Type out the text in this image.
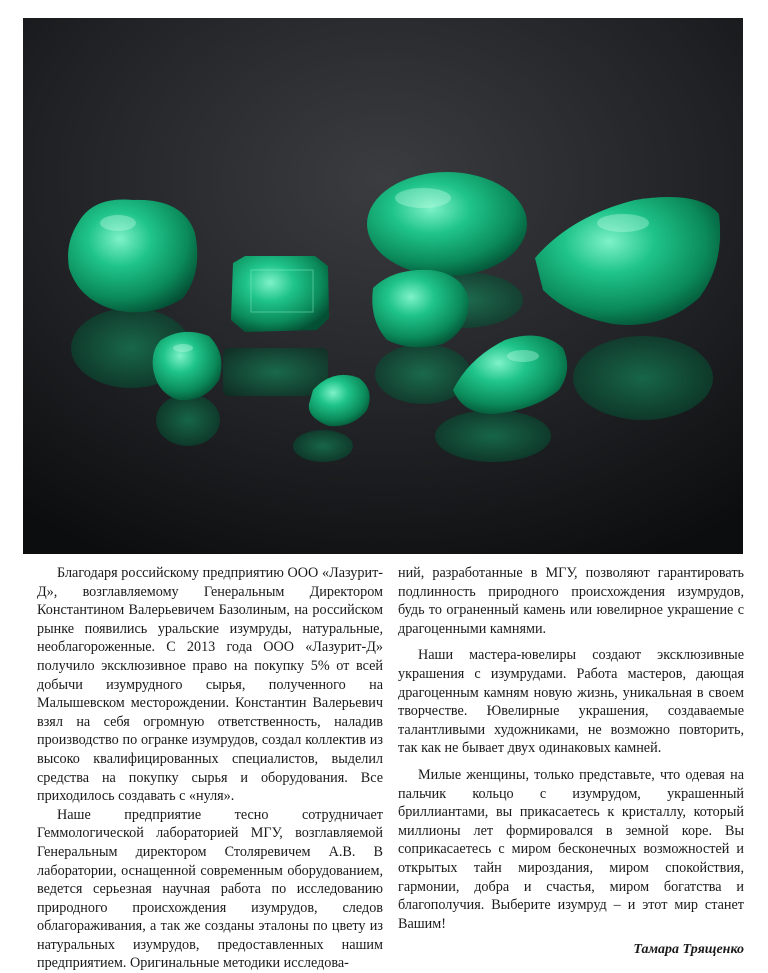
Благодаря российскому предприятию ООО «Лазурит-Д», возглавляемому Генеральным Директором Константином Валерьевичем Базолиным, на российском рынке появились уральские изумруды, натуральные, необлагороженные. С 2013 года ООО «Лазурит-Д» получило эксклюзивное право на покупку 5% от всей добычи изумрудного сырья, полученного на Малышевском месторождении. Константин Валерьевич взял на себя огромную ответственность, наладив производство по огранке изумрудов, создал коллектив из высоко квалифицированных специалистов, выделил средства на покупку сырья и оборудования. Все приходилось создавать с «нуля».

Наше предприятие тесно сотрудничает Геммологической лабораторией МГУ, возглавляемой Генеральным директором Столяревичем А.В. В лаборатории, оснащенной современным оборудованием, ведется серьезная научная работа по исследованию природного происхождения изумрудов, следов облагораживания, а так же созданы эталоны по цвету из натуральных изумрудов, предоставленных нашим предприятием. Оригинальные методики исследова-

ний, разработанные в МГУ, позволяют гарантировать подлинность природного происхождения изумрудов, будь то ограненный камень или ювелирное украшение с драгоценными камнями.

Наши мастера-ювелиры создают эксклюзивные украшения с изумрудами. Работа мастеров, дающая драгоценным камням новую жизнь, уникальная в своем творчестве. Ювелирные украшения, создаваемые талантливыми художниками, не возможно повторить, так как не бывает двух одинаковых камней.

Милые женщины, только представьте, что одевая на пальчик кольцо с изумрудом, украшенный бриллиантами, вы прикасаетесь к кристаллу, который миллионы лет формировался в земной коре. Вы соприкасаетесь с миром бесконечных возможностей и открытых тайн мироздания, миром спокойствия, гармонии, добра и счастья, миром богатства и благополучия. Выберите изумруд – и этот мир станет Вашим!

Тамара Трященко
